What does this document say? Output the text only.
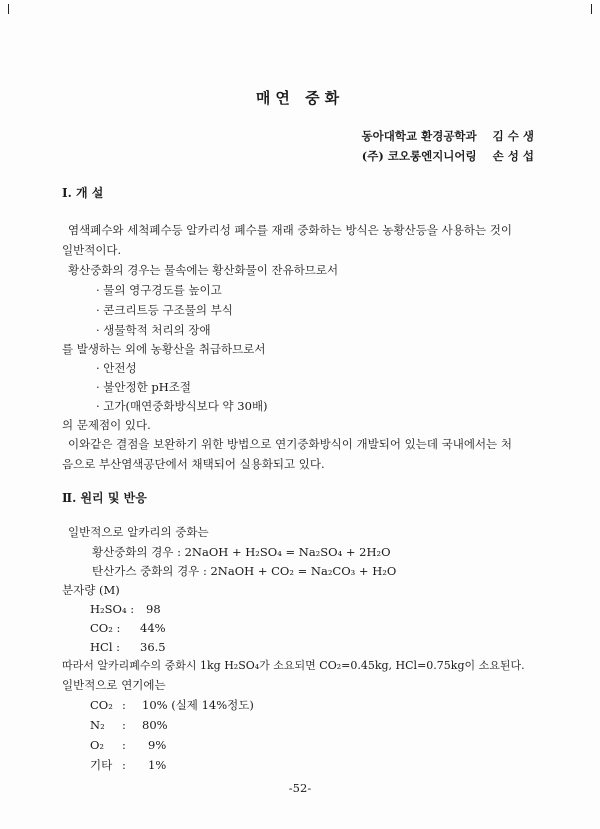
매연 중화
동아대학교 환경공학과 김 수 생
(주) 코오롱엔지니어링 손 성 섭
I. 개 설
염색폐수와 세척폐수등 알카리성 폐수를 재래 중화하는 방식은 농황산등을 사용하는 것이
일반적이다.
황산중화의 경우는 물속에는 황산화물이 잔유하므로서
· 물의 영구경도를 높이고
· 콘크리트등 구조물의 부식
· 생물학적 처리의 장애
를 발생하는 외에 농황산을 취급하므로서
· 안전성
· 불안정한 pH조절
· 고가(매연중화방식보다 약 30배)
의 문제점이 있다.
이와같은 결점을 보완하기 위한 방법으로 연기중화방식이 개발되어 있는데 국내에서는 처
음으로 부산염색공단에서 채택되어 실용화되고 있다.
Ⅱ. 원리 및 반응
일반적으로 알카리의 중화는
황산중화의 경우 : 2NaOH + H₂SO₄ = Na₂SO₄ + 2H₂O
탄산가스 중화의 경우 : 2NaOH + CO₂ = Na₂CO₃ + H₂O
분자량 (M)
H₂SO₄ : 98
CO₂ : 44%
HCl : 36.5
따라서 알카리폐수의 중화시 1kg H₂SO₄가 소요되면 CO₂=0.45kg, HCl=0.75kg이 소요된다.
일반적으로 연기에는
CO₂ : 10% (실제 14%정도)
N₂ : 80%
O₂ : 9%
기타 : 1%
-52-
